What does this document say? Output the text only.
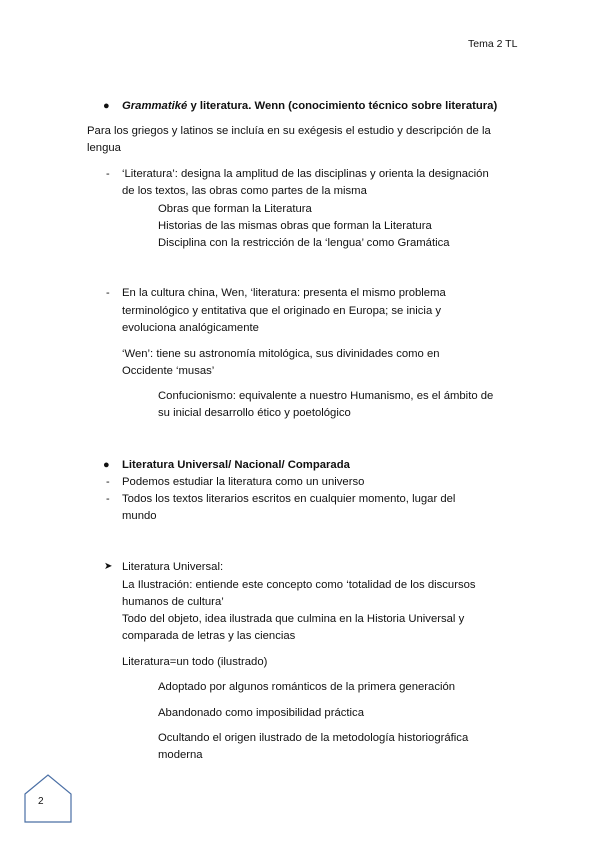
Tema 2 TL
● Grammatiké y literatura. Wenn (conocimiento técnico sobre literatura)
Para los griegos y latinos se incluía en su exégesis el estudio y descripción de la
lengua
- ‘Literatura’: designa la amplitud de las disciplinas y orienta la designación
de los textos, las obras como partes de la misma
Obras que forman la Literatura
Historias de las mismas obras que forman la Literatura
Disciplina con la restricción de la ‘lengua’ como Gramática
- En la cultura china, Wen, ‘literatura: presenta el mismo problema
terminológico y entitativa que el originado en Europa; se inicia y
evoluciona analógicamente
‘Wen’: tiene su astronomía mitológica, sus divinidades como en
Occidente ‘musas’
Confucionismo: equivalente a nuestro Humanismo, es el ámbito de
su inicial desarrollo ético y poetológico
● Literatura Universal/ Nacional/ Comparada
- Podemos estudiar la literatura como un universo
- Todos los textos literarios escritos en cualquier momento, lugar del
mundo
➤ Literatura Universal:
La Ilustración: entiende este concepto como ‘totalidad de los discursos
humanos de cultura’
Todo del objeto, idea ilustrada que culmina en la Historia Universal y
comparada de letras y las ciencias
Literatura=un todo (ilustrado)
Adoptado por algunos románticos de la primera generación
Abandonado como imposibilidad práctica
Ocultando el origen ilustrado de la metodología historiográfica
moderna
2
